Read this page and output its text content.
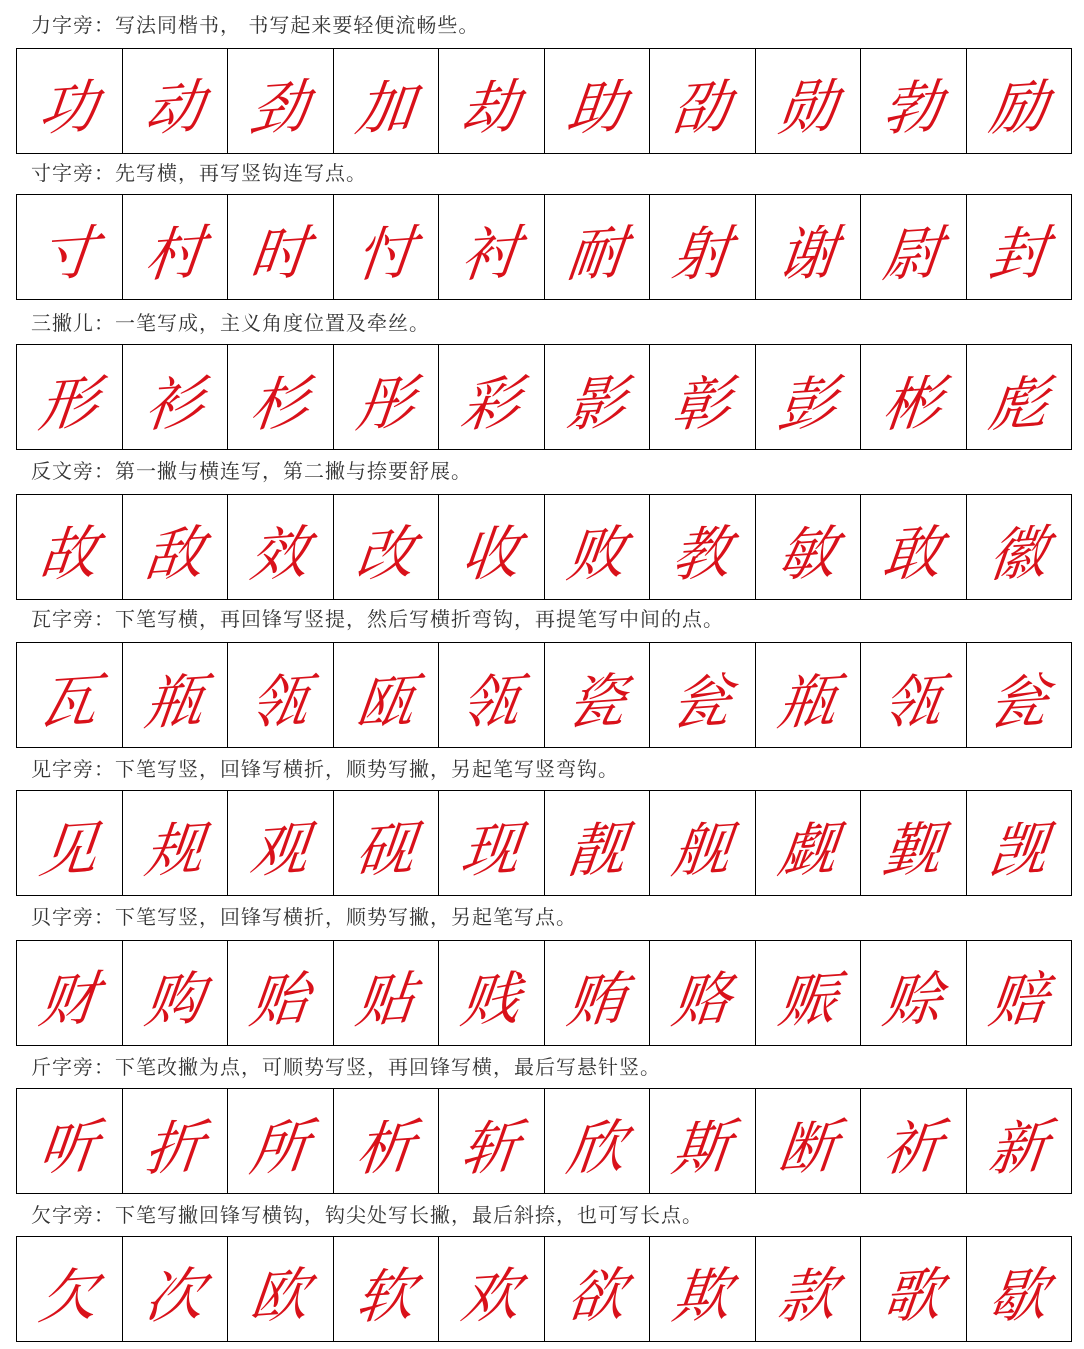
力字旁：写法同楷书， 书写起来要轻便流畅些。
功 动 劲 加 劫 助 劭 勋 勃 励
寸字旁：先写横，再写竖钩连写点。
寸 村 时 忖 衬 耐 射 谢 尉 封
三撇儿：一笔写成，主义角度位置及牵丝。
形 衫 杉 彤 彩 影 彰 彭 彬 彪
反文旁：第一撇与横连写，第二撇与捺要舒展。
故 敌 效 改 收 败 教 敏 敢 徽
瓦字旁：下笔写横，再回锋写竖提，然后写横折弯钩，再提笔写中间的点。
瓦 瓶 瓴 瓯 瓴 瓷 瓮 瓶 瓴 瓮
见字旁：下笔写竖，回锋写横折，顺势写撇，另起笔写竖弯钩。
见 规 观 砚 现 靓 舰 觑 觐 觊
贝字旁：下笔写竖，回锋写横折，顺势写撇，另起笔写点。
财 购 贻 贴 贱 贿 赂 赈 赊 赔
斤字旁：下笔改撇为点，可顺势写竖，再回锋写横，最后写悬针竖。
听 折 所 析 斩 欣 斯 断 祈 新
欠字旁：下笔写撇回锋写横钩，钩尖处写长撇，最后斜捺，也可写长点。
欠 次 欧 软 欢 欲 欺 款 歌 歇
